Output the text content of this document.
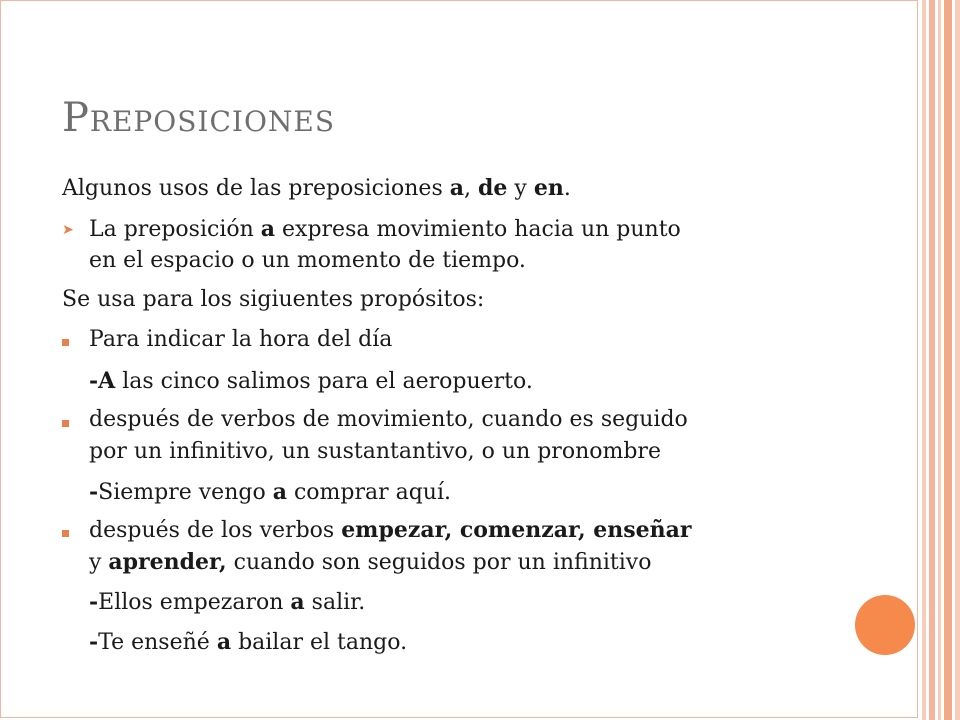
Preposiciones
Algunos usos de las preposiciones a, de y en.
➤ La preposición a expresa movimiento hacia un punto
en el espacio o un momento de tiempo.
Se usa para los sigiuentes propósitos:
Para indicar la hora del día
-A las cinco salimos para el aeropuerto.
después de verbos de movimiento, cuando es seguido
por un infinitivo, un sustantantivo, o un pronombre
-Siempre vengo a comprar aquí.
después de los verbos empezar, comenzar, enseñar
y aprender, cuando son seguidos por un infinitivo
-Ellos empezaron a salir.
-Te enseñé a bailar el tango.
